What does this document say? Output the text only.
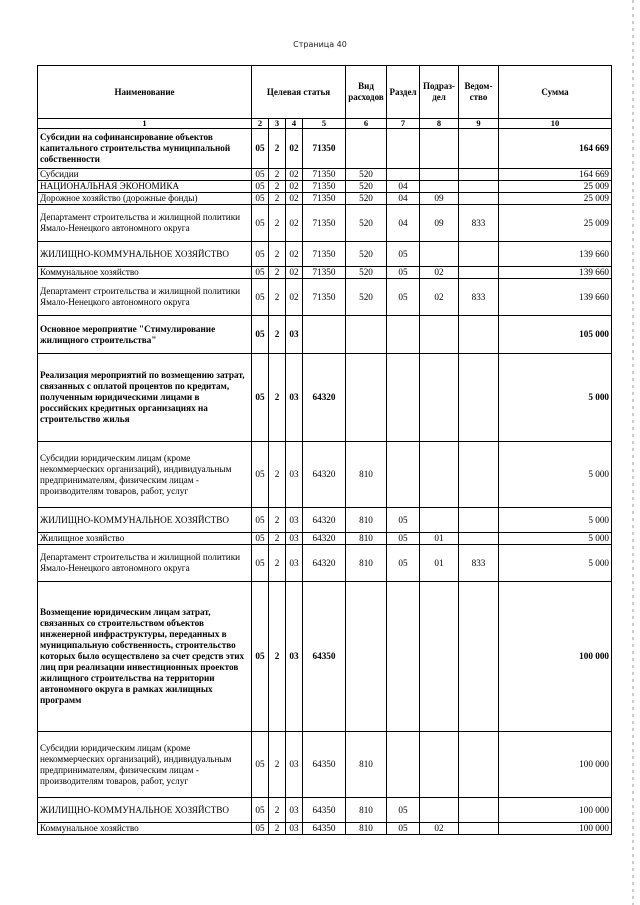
Страница 40
Наименование	Целевая статья				Вид расходов	Раздел	Подраз-дел	Ведом-ство	Сумма
1	2	3	4	5	6	7	8	9	10
Субсидии на софинансирование объектов капитального строительства муниципальной собственности	05	2	02	71350					164 669
Субсидии	05	2	02	71350	520				164 669
НАЦИОНАЛЬНАЯ ЭКОНОМИКА	05	2	02	71350	520	04			25 009
Дорожное хозяйство (дорожные фонды)	05	2	02	71350	520	04	09		25 009
Департамент строительства и жилищной политики Ямало-Ненецкого автономного округа	05	2	02	71350	520	04	09	833	25 009
ЖИЛИЩНО-КОММУНАЛЬНОЕ ХОЗЯЙСТВО	05	2	02	71350	520	05			139 660
Коммунальное хозяйство	05	2	02	71350	520	05	02		139 660
Департамент строительства и жилищной политики Ямало-Ненецкого автономного округа	05	2	02	71350	520	05	02	833	139 660
Основное мероприятие "Стимулирование жилищного строительства"	05	2	03						105 000
Реализация мероприятий по возмещению затрат, связанных с оплатой процентов по кредитам, полученным юридическими лицами в российских кредитных организациях на строительство жилья	05	2	03	64320					5 000
Субсидии юридическим лицам (кроме некоммерческих организаций), индивидуальным предпринимателям, физическим лицам - производителям товаров, работ, услуг	05	2	03	64320	810				5 000
ЖИЛИЩНО-КОММУНАЛЬНОЕ ХОЗЯЙСТВО	05	2	03	64320	810	05			5 000
Жилищное хозяйство	05	2	03	64320	810	05	01		5 000
Департамент строительства и жилищной политики Ямало-Ненецкого автономного округа	05	2	03	64320	810	05	01	833	5 000
Возмещение юридическим лицам затрат, связанных со строительством объектов инженерной инфраструктуры, переданных в муниципальную собственность, строительство которых было осуществлено за счет средств этих лиц при реализации инвестиционных проектов жилищного строительства на территории автономного округа в рамках жилищных программ	05	2	03	64350					100 000
Субсидии юридическим лицам (кроме некоммерческих организаций), индивидуальным предпринимателям, физическим лицам - производителям товаров, работ, услуг	05	2	03	64350	810				100 000
ЖИЛИЩНО-КОММУНАЛЬНОЕ ХОЗЯЙСТВО	05	2	03	64350	810	05			100 000
Коммунальное хозяйство	05	2	03	64350	810	05	02		100 000
